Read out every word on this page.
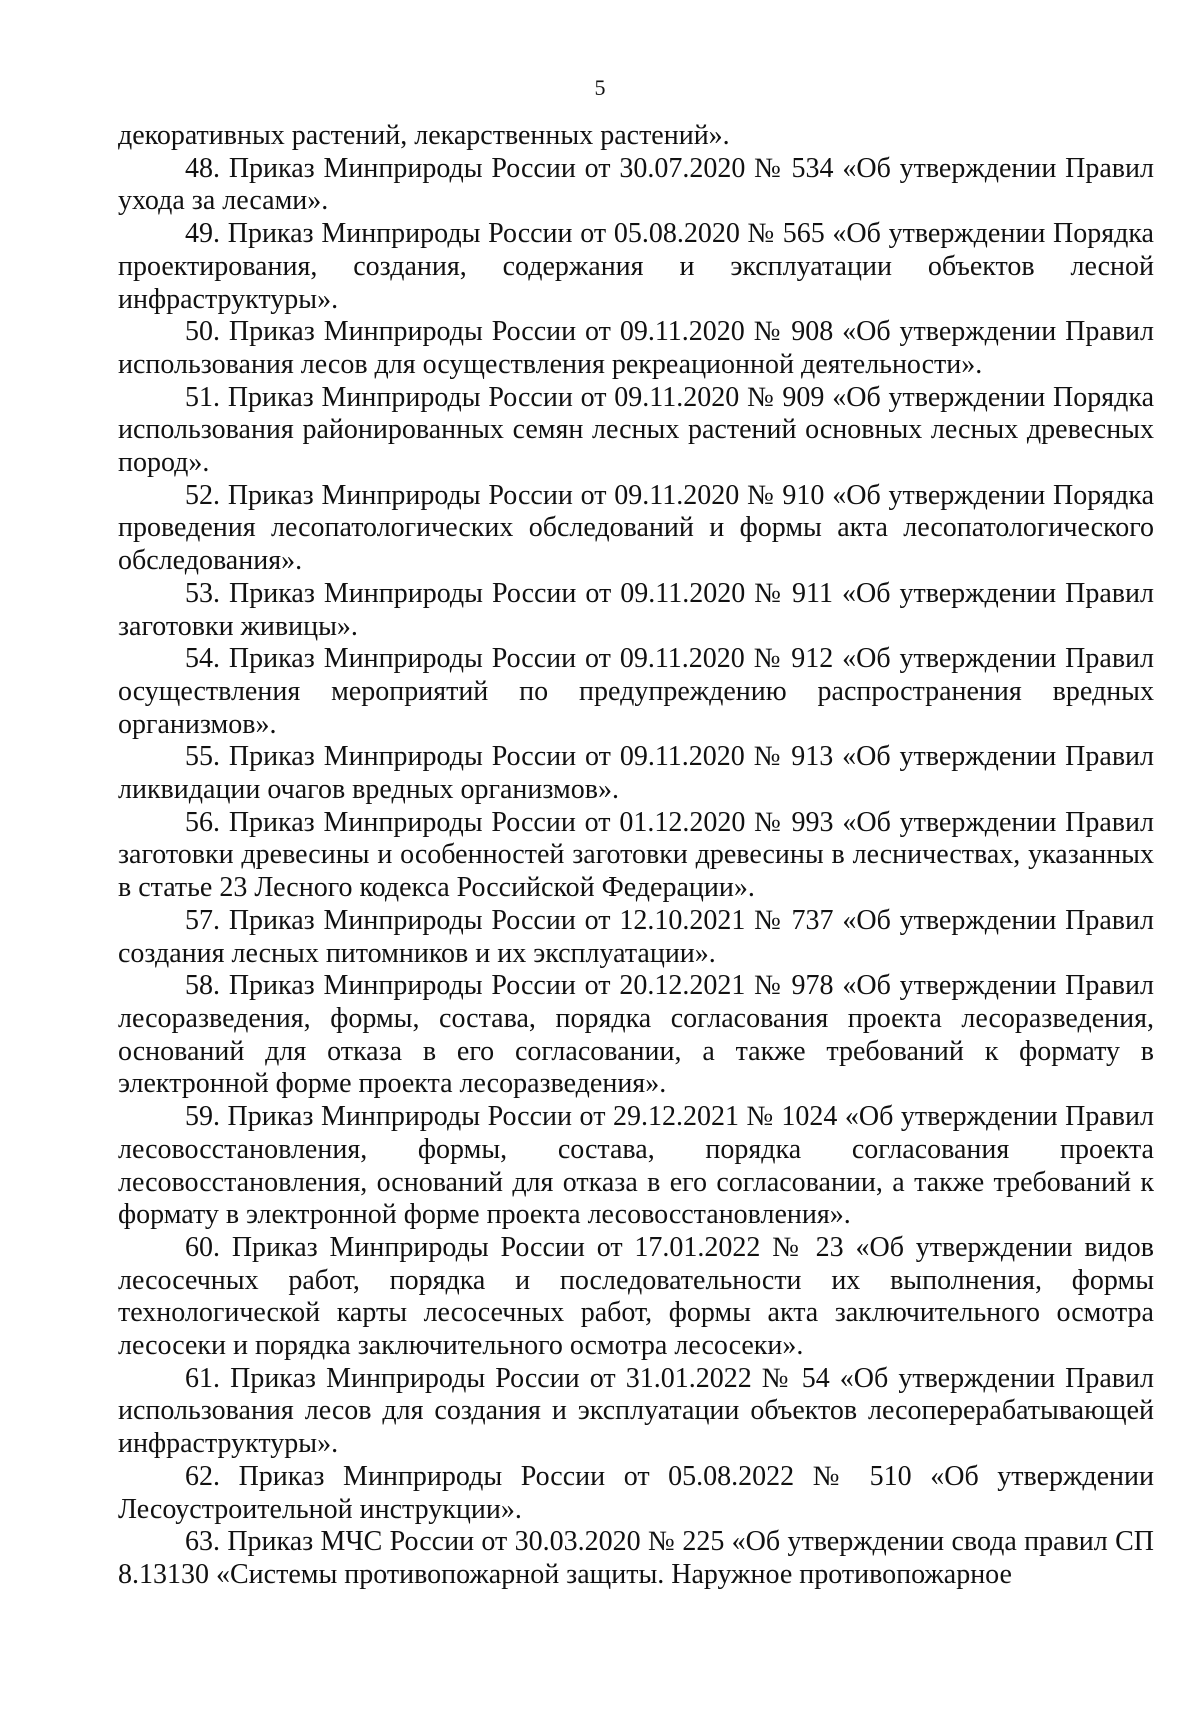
5

декоративных растений, лекарственных растений».

48. Приказ Минприроды России от 30.07.2020 № 534 «Об утверждении Правил ухода за лесами».

49. Приказ Минприроды России от 05.08.2020 № 565 «Об утверждении Порядка проектирования, создания, содержания и эксплуатации объектов лесной инфраструктуры».

50. Приказ Минприроды России от 09.11.2020 № 908 «Об утверждении Правил использования лесов для осуществления рекреационной деятельности».

51. Приказ Минприроды России от 09.11.2020 № 909 «Об утверждении Порядка использования районированных семян лесных растений основных лесных древесных пород».

52. Приказ Минприроды России от 09.11.2020 № 910 «Об утверждении Порядка проведения лесопатологических обследований и формы акта лесопатологического обследования».

53. Приказ Минприроды России от 09.11.2020 № 911 «Об утверждении Правил заготовки живицы».

54. Приказ Минприроды России от 09.11.2020 № 912 «Об утверждении Правил осуществления мероприятий по предупреждению распространения вредных организмов».

55. Приказ Минприроды России от 09.11.2020 № 913 «Об утверждении Правил ликвидации очагов вредных организмов».

56. Приказ Минприроды России от 01.12.2020 № 993 «Об утверждении Правил заготовки древесины и особенностей заготовки древесины в лесничествах, указанных в статье 23 Лесного кодекса Российской Федерации».

57. Приказ Минприроды России от 12.10.2021 № 737 «Об утверждении Правил создания лесных питомников и их эксплуатации».

58. Приказ Минприроды России от 20.12.2021 № 978 «Об утверждении Правил лесоразведения, формы, состава, порядка согласования проекта лесоразведения, оснований для отказа в его согласовании, а также требований к формату в электронной форме проекта лесоразведения».

59. Приказ Минприроды России от 29.12.2021 № 1024 «Об утверждении Правил лесовосстановления, формы, состава, порядка согласования проекта лесовосстановления, оснований для отказа в его согласовании, а также требований к формату в электронной форме проекта лесовосстановления».

60. Приказ Минприроды России от 17.01.2022 № 23 «Об утверждении видов лесосечных работ, порядка и последовательности их выполнения, формы технологической карты лесосечных работ, формы акта заключительного осмотра лесосеки и порядка заключительного осмотра лесосеки».

61. Приказ Минприроды России от 31.01.2022 № 54 «Об утверждении Правил использования лесов для создания и эксплуатации объектов лесоперерабатывающей инфраструктуры».

62. Приказ Минприроды России от 05.08.2022 № 510 «Об утверждении Лесоустроительной инструкции».

63. Приказ МЧС России от 30.03.2020 № 225 «Об утверждении свода правил СП 8.13130 «Системы противопожарной защиты. Наружное противопожарное
